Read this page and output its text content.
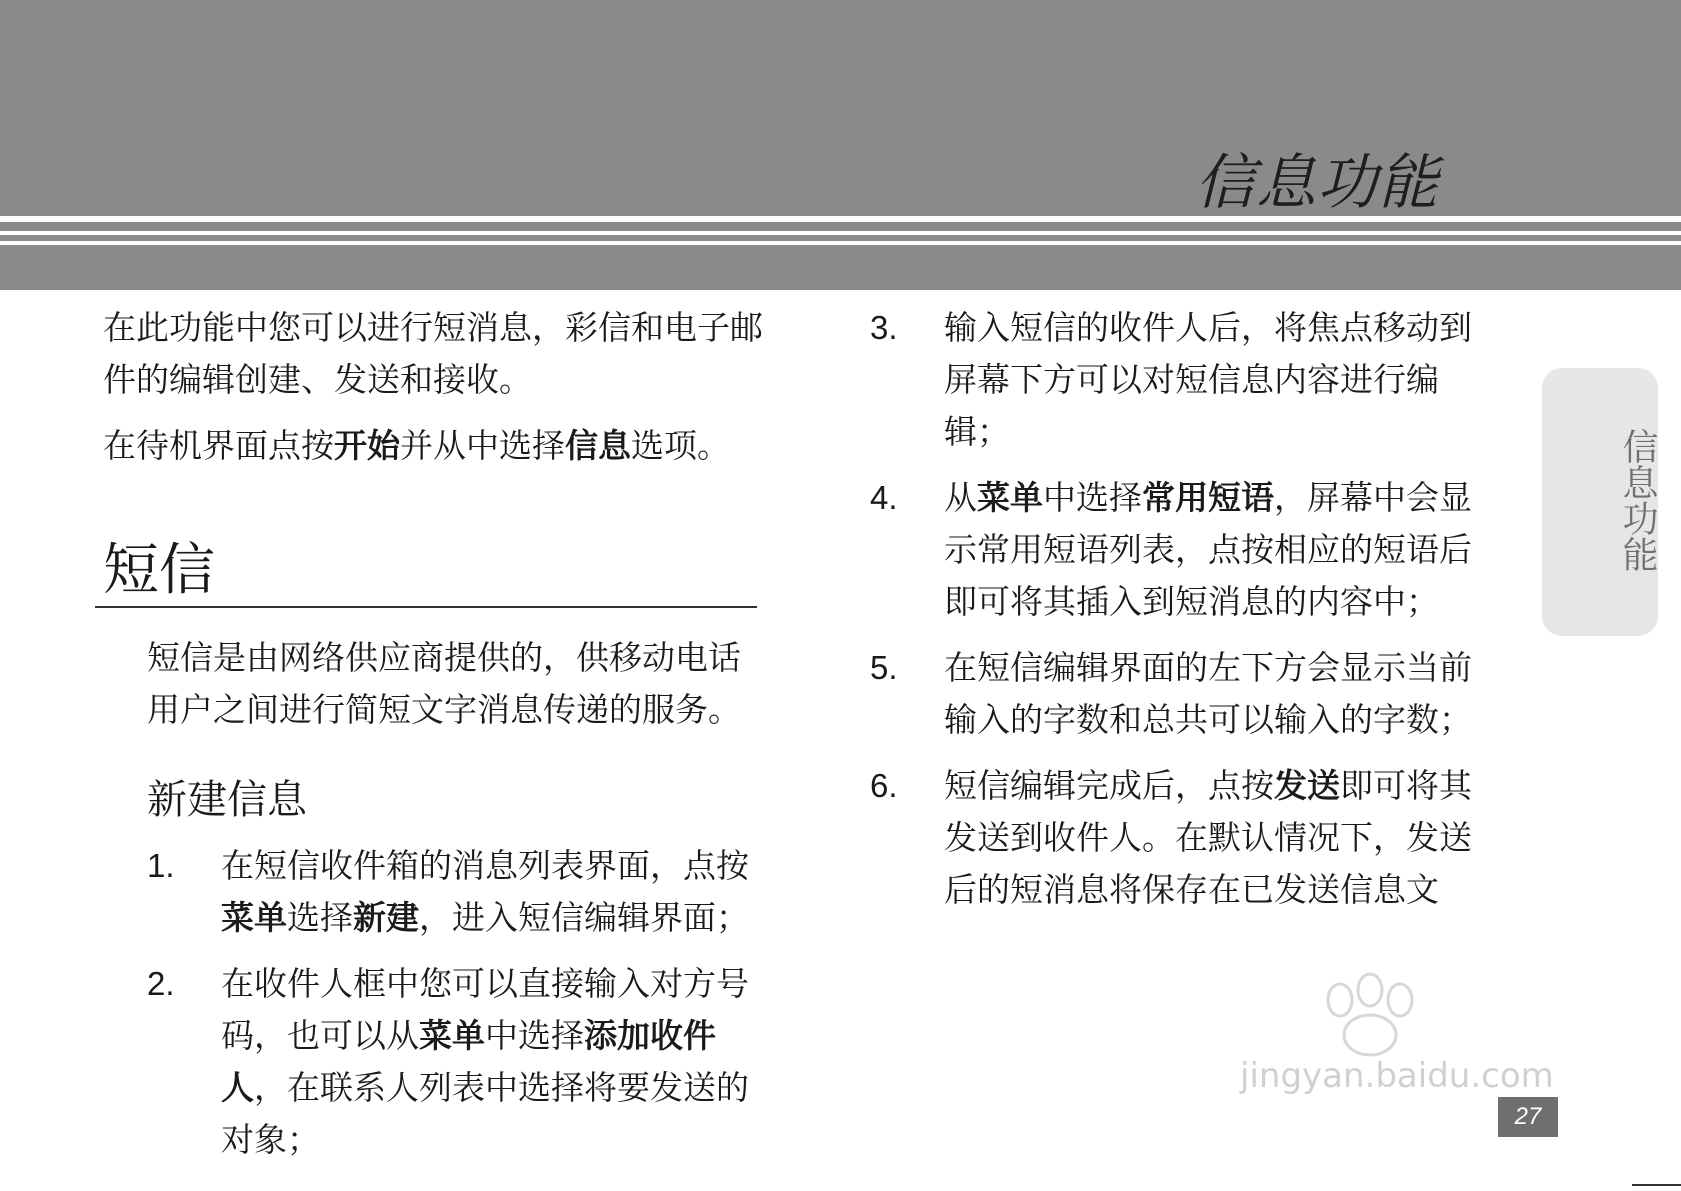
信息功能
信息功能

在此功能中您可以进行短消息，彩信和电子邮件的编辑创建、发送和接收。

在待机界面点按开始并从中选择信息选项。

短信

短信是由网络供应商提供的，供移动电话用户之间进行简短文字消息传递的服务。

新建信息
1. 在短信收件箱的消息列表界面，点按菜单选择新建，进入短信编辑界面；
2. 在收件人框中您可以直接输入对方号码，也可以从菜单中选择添加收件人，在联系人列表中选择将要发送的对象；
3. 输入短信的收件人后，将焦点移动到屏幕下方可以对短信息内容进行编辑；
4. 从菜单中选择常用短语，屏幕中会显示常用短语列表，点按相应的短语后即可将其插入到短消息的内容中；
5. 在短信编辑界面的左下方会显示当前输入的字数和总共可以输入的字数；
6. 短信编辑完成后，点按发送即可将其发送到收件人。在默认情况下，发送后的短消息将保存在已发送信息文
jingyan.baidu.com
27
